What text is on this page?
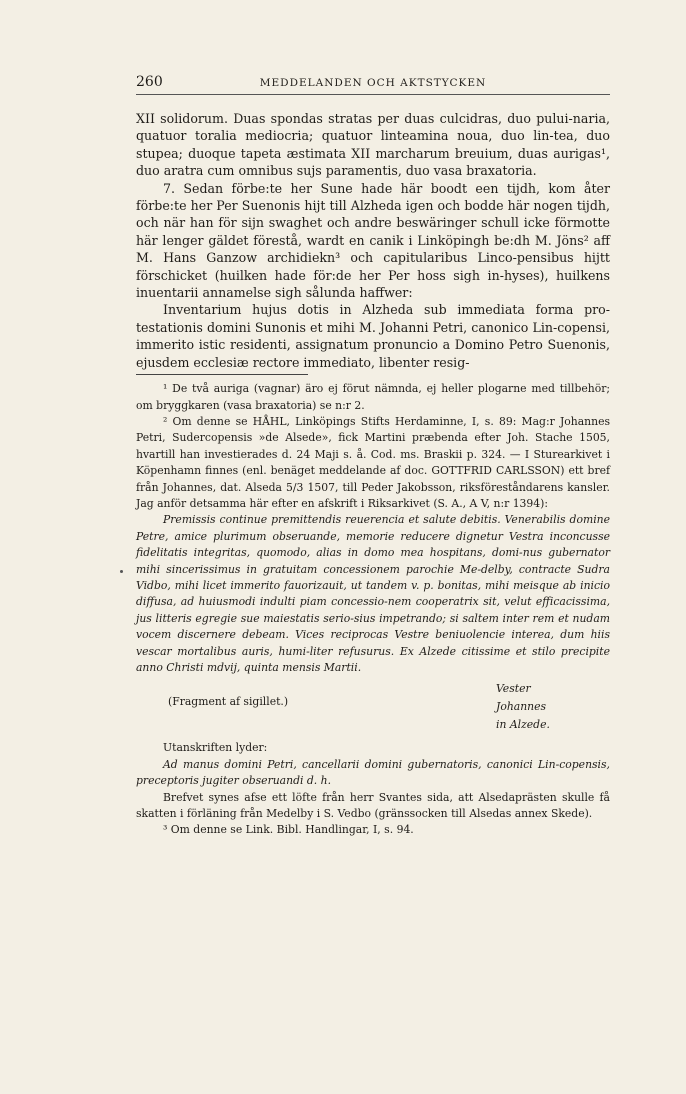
260	MEDDELANDEN OCH AKTSTYCKEN

XII solidorum. Duas spondas stratas per duas culcidras, duo pului-naria, quatuor toralia mediocria; quatuor linteamina noua, duo lin-tea, duo stupea; duoque tapeta æstimata XII marcharum breuium, duas aurigas¹, duo aratra cum omnibus sujs paramentis, duo vasa braxatoria.

7. Sedan förbe:te her Sune hade här boodt een tijdh, kom åter förbe:te her Per Suenonis hijt till Alzheda igen och bodde här nogen tijdh, och när han för sijn swaghet och andre beswäringer schull icke förmotte här lenger gäldet förestå, wardt en canik i Linköpingh be:dh M. Jöns² aff M. Hans Ganzow archidiekn³ och capitularibus Linco-pensibus hijtt förschicket (huilken hade för:de her Per hoss sigh in-hyses), huilkens inuentarii annamelse sigh sålunda haffwer:

Inventarium hujus dotis in Alzheda sub immediata forma pro-testationis domini Sunonis et mihi M. Johanni Petri, canonico Lin-copensi, immerito istic residenti, assignatum pronuncio a Domino Petro Suenonis, ejusdem ecclesiæ rectore immediato, libenter resig-

¹ De två auriga (vagnar) äro ej förut nämnda, ej heller plogarne med tillbehör; om bryggkaren (vasa braxatoria) se n:r 2.

² Om denne se HÅHL, Linköpings Stifts Herdaminne, I, s. 89: Mag:r Johannes Petri, Sudercopensis »de Alsede», fick Martini præbenda efter Joh. Stache 1505, hvartill han investierades d. 24 Maji s. å. Cod. ms. Braskii p. 324. — I Sturearkivet i Köpenhamn finnes (enl. benäget meddelande af doc. GOTTFRID CARLSSON) ett bref från Johannes, dat. Alseda 5/3 1507, till Peder Jakobsson, riksföreståndarens kansler. Jag anför detsamma här efter en afskrift i Riksarkivet (S. A., A V, n:r 1394):

Premissis continue premittendis reuerencia et salute debitis. Venerabilis domine Petre, amice plurimum obseruande, memorie reducere dignetur Vestra inconcusse fidelitatis integritas, quomodo, alias in domo mea hospitans, domi-nus gubernator mihi sincerissimus in gratuitam concessionem parochie Me-delby, contracte Sudra Vidbo, mihi licet immerito fauorizauit, ut tandem v. p. bonitas, mihi meisque ab inicio diffusa, ad huiusmodi indulti piam concessio-nem cooperatrix sit, velut efficacissima, jus litteris egregie sue maiestatis serio-sius impetrando; si saltem inter rem et nudam vocem discernere debeam. Vices reciprocas Vestre beniuolencie interea, dum hiis vescar mortalibus auris, humi-liter refusurus. Ex Alzede citissime et stilo precipite anno Christi mdvij, quinta mensis Martii.

(Fragment af sigillet.)
Vester
Johannes
in Alzede.

Utanskriften lyder:

Ad manus domini Petri, cancellarii domini gubernatoris, canonici Lin-copensis, preceptoris jugiter obseruandi d. h.

Brefvet synes afse ett löfte från herr Svantes sida, att Alsedaprästen skulle få skatten i förläning från Medelby i S. Vedbo (gränssocken till Alsedas annex Skede).

³ Om denne se Link. Bibl. Handlingar, I, s. 94.
